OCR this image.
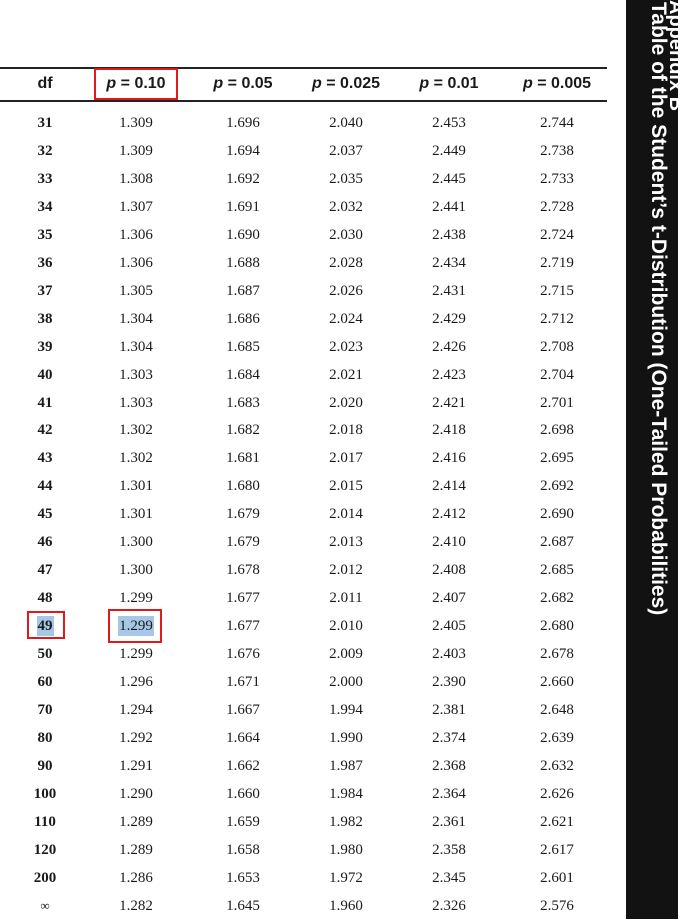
Appendix B
Table of the Student’s t-Distribution (One-Tailed Probabilities)
df	p = 0.10	p = 0.05	p = 0.025	p = 0.01	p = 0.005
31	1.309	1.696	2.040	2.453	2.744
32	1.309	1.694	2.037	2.449	2.738
33	1.308	1.692	2.035	2.445	2.733
34	1.307	1.691	2.032	2.441	2.728
35	1.306	1.690	2.030	2.438	2.724
36	1.306	1.688	2.028	2.434	2.719
37	1.305	1.687	2.026	2.431	2.715
38	1.304	1.686	2.024	2.429	2.712
39	1.304	1.685	2.023	2.426	2.708
40	1.303	1.684	2.021	2.423	2.704
41	1.303	1.683	2.020	2.421	2.701
42	1.302	1.682	2.018	2.418	2.698
43	1.302	1.681	2.017	2.416	2.695
44	1.301	1.680	2.015	2.414	2.692
45	1.301	1.679	2.014	2.412	2.690
46	1.300	1.679	2.013	2.410	2.687
47	1.300	1.678	2.012	2.408	2.685
48	1.299	1.677	2.011	2.407	2.682
49	1.299	1.677	2.010	2.405	2.680
50	1.299	1.676	2.009	2.403	2.678
60	1.296	1.671	2.000	2.390	2.660
70	1.294	1.667	1.994	2.381	2.648
80	1.292	1.664	1.990	2.374	2.639
90	1.291	1.662	1.987	2.368	2.632
100	1.290	1.660	1.984	2.364	2.626
110	1.289	1.659	1.982	2.361	2.621
120	1.289	1.658	1.980	2.358	2.617
200	1.286	1.653	1.972	2.345	2.601
∞	1.282	1.645	1.960	2.326	2.576
